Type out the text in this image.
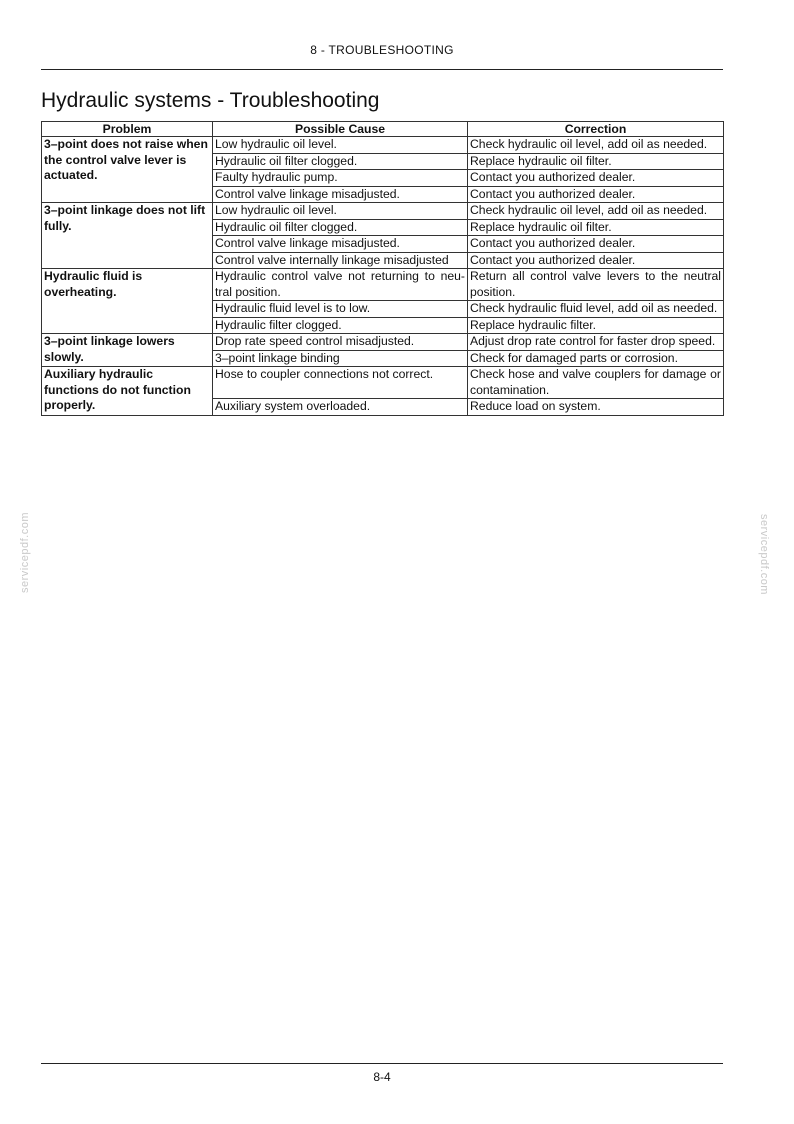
8 - TROUBLESHOOTING
Hydraulic systems - Troubleshooting
Problem	Possible Cause	Correction
3–point does not raise when the control valve lever is actuated.	Low hydraulic oil level.	Check hydraulic oil level, add oil as needed.
	Hydraulic oil filter clogged.	Replace hydraulic oil filter.
	Faulty hydraulic pump.	Contact you authorized dealer.
	Control valve linkage misadjusted.	Contact you authorized dealer.
3–point linkage does not lift fully.	Low hydraulic oil level.	Check hydraulic oil level, add oil as needed.
	Hydraulic oil filter clogged.	Replace hydraulic oil filter.
	Control valve linkage misadjusted.	Contact you authorized dealer.
	Control valve internally linkage misadjusted	Contact you authorized dealer.
Hydraulic fluid is overheating.	Hydraulic control valve not returning to neu-tral position.	Return all control valve levers to the neutral position.
	Hydraulic fluid level is to low.	Check hydraulic fluid level, add oil as needed.
	Hydraulic filter clogged.	Replace hydraulic filter.
3–point linkage lowers slowly.	Drop rate speed control misadjusted.	Adjust drop rate control for faster drop speed.
	3–point linkage binding	Check for damaged parts or corrosion.
Auxiliary hydraulic functions do not function properly.	Hose to coupler connections not correct.	Check hose and valve couplers for damage or contamination.
	Auxiliary system overloaded.	Reduce load on system.
servicepdf.com	servicepdf.com
8-4
